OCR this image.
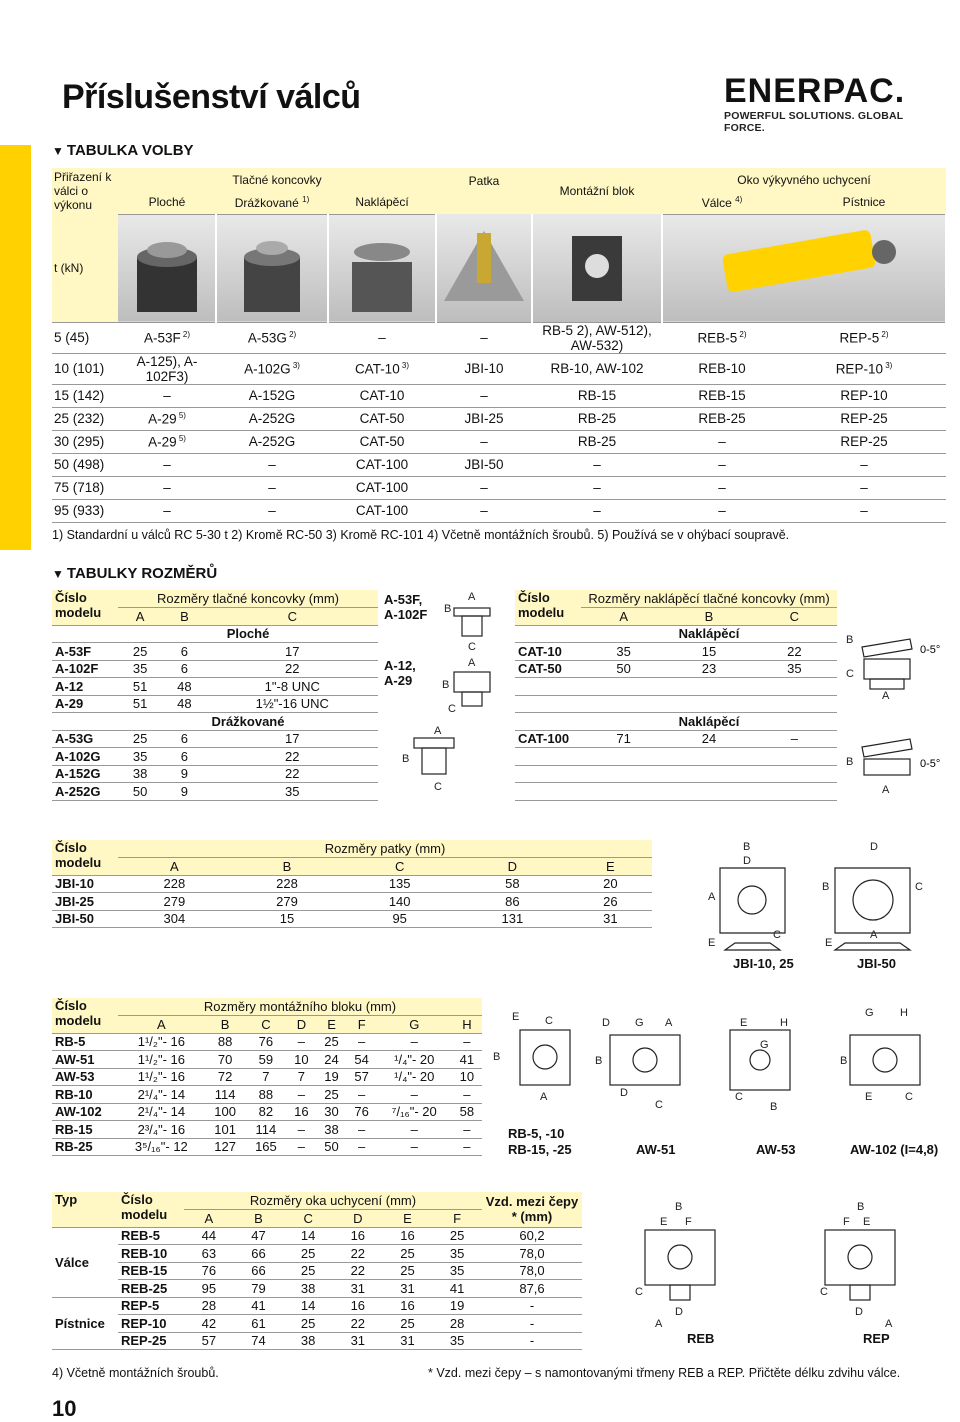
Příslušenství válců	ENERPAC.
POWERFUL SOLUTIONS. GLOBAL FORCE.
▼ TABULKA VOLBY
Přiřazení k válci o výkonu	Tlačné koncovky			Patka	Montážní blok	Oko výkyvného uchycení	
	Ploché	Drážkované $^{1)}$	Naklápěcí			Válce $^{4)}$	Pístnice
t (kN)						
5 (45)	A-53F $^{2)}$	A-53G $^{2)}$	–	–	RB-5 2), AW-512), AW-532)	REB-5 $^{2)}$	REP-5 $^{2)}$
10 (101)	A-125), A-102F3)	A-102G $^{3)}$	CAT-10 $^{3)}$	JBI-10	RB-10, AW-102	REB-10	REP-10 $^{3)}$
15 (142)	–	A-152G	CAT-10	–	RB-15	REB-15	REP-10
25 (232)	A-29 $^{5)}$	A-252G	CAT-50	JBI-25	RB-25	REB-25	REP-25
30 (295)	A-29 $^{5)}$	A-252G	CAT-50	–	RB-25	–	REP-25
50 (498)	–	–	CAT-100	JBI-50	–	–	–
75 (718)	–	–	CAT-100	–	–	–	–
95 (933)	–	–	CAT-100	–	–	–	–
1) Standardní u válců RC 5-30 t 2) Kromě RC-50 3) Kromě RC-101 4) Včetně montážních šroubů. 5) Používá se v ohýbací soupravě.
▼ TABULKY ROZMĚRŮ
Číslo modelu	Rozměry tlačné koncovky (mm)		
	A	B	C
	Ploché		
A-53F	25	6	17
A-102F	35	6	22
A-12	51	48	1"-8 UNC
A-29	51	48	1½"-16 UNC
	Drážkované		
A-53G	25	6	17
A-102G	35	6	22
A-152G	38	9	22
A-252G	50	9	35
A-53F,
A-102F
A-12,
A-29
A
B
C
A
B
C
A
B
C
Číslo modelu	Rozměry naklápěcí tlačné koncovky (mm)		
	A	B	C
	Naklápěcí		
CAT-10	35	15	22
CAT-50	50	23	35

	Naklápěcí		
CAT-100	71	24	–

B
C
A
B
A
0-5°
0-5°
Číslo modelu	Rozměry patky (mm)				
	A	B	C	D	E
JBI-10	228	228	135	58	20
JBI-25	279	279	140	86	26
JBI-50	304	15	95	131	31
B
D
A
E
C
D
B	C
A
E
JBI-10, 25	JBI-50
Číslo modelu	Rozměry montážního bloku (mm)							
	A	B	C	D	E	F	G	H
RB-5	1¹/₂"- 16	88	76	–	25	–	–	–
AW-51	1¹/₂"- 16	70	59	10	24	54	¹/₄"- 20	41
AW-53	1¹/₂"- 16	72	7	7	19	57	¹/₄"- 20	10
RB-10	2¹/₄"- 14	114	88	–	25	–	–	–
AW-102	2¹/₄"- 14	100	82	16	30	76	⁷/₁₆"- 20	58
RB-15	2³/₄"- 16	101	114	–	38	–	–	–
RB-25	3⁵/₁₆"- 12	127	165	–	50	–	–	–
E C
B
A
D G A
B
D
C
E	H
G
C
B
G H
B
E	C
RB-5, -10
RB-15, -25	AW-51	AW-53	AW-102 (I=4,8)
Typ	Číslo modelu	Rozměry oka uchycení (mm)						Vzd. mezi čepy * (mm)
		A	B	C	D	E	F	
Válce	REB-5	44	47	14	16	16	25	60,2
	REB-10	63	66	25	22	25	35	78,0
	REB-15	76	66	25	22	25	35	78,0
	REB-25	95	79	38	31	31	41	87,6
Pístnice	REP-5	28	41	14	16	16	19	-
	REP-10	42	61	25	22	25	28	-
	REP-25	57	74	38	31	31	35	-
B
E F
C
D
A
B
F E
C
D
A
REB	REP
4) Včetně montážních šroubů.	* Vzd. mezi čepy – s namontovanými třmeny REB a REP. Přičtěte délku zdvihu válce.
10
